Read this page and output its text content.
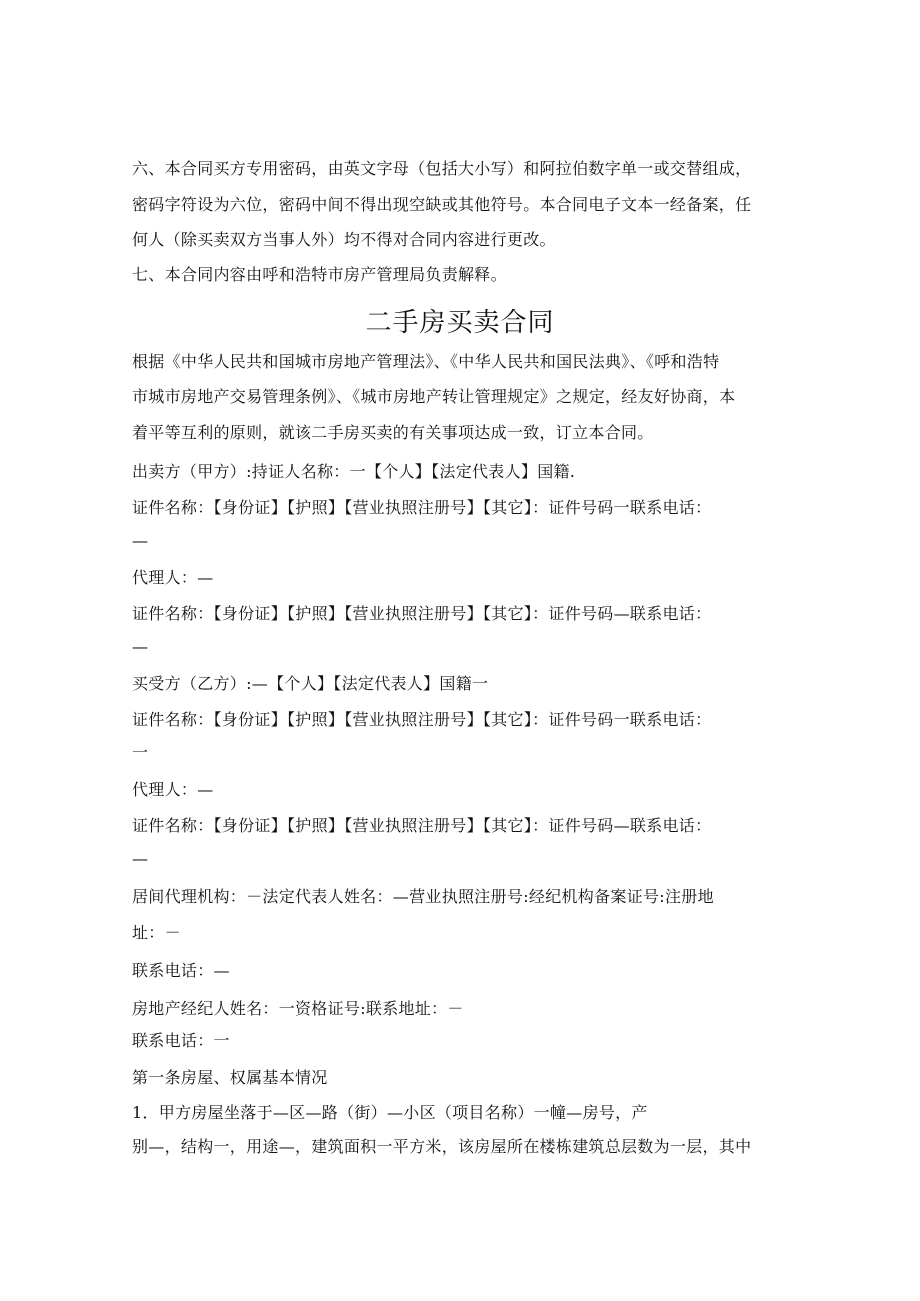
六、本合同买方专用密码，由英文字母（包括大小写）和阿拉伯数字单一或交替组成，
密码字符设为六位，密码中间不得出现空缺或其他符号。本合同电子文本一经备案，任
何人（除买卖双方当事人外）均不得对合同内容进行更改。
七、本合同内容由呼和浩特市房产管理局负责解释。
二手房买卖合同
根据《中华人民共和国城市房地产管理法》、《中华人民共和国民法典》、《呼和浩特
市城市房地产交易管理条例》、《城市房地产转让管理规定》之规定，经友好协商，本
着平等互利的原则，就该二手房买卖的有关事项达成一致，订立本合同。
出卖方（甲方）:持证人名称：一【个人】【法定代表人】国籍.
证件名称：【身份证】【护照】【营业执照注册号】【其它】：证件号码一联系电话：
—
代理人：—
证件名称：【身份证】【护照】【营业执照注册号】【其它】：证件号码—联系电话：
—
买受方（乙方）:—【个人】【法定代表人】国籍一
证件名称：【身份证】【护照】【营业执照注册号】【其它】：证件号码一联系电话：
一
代理人：—
证件名称：【身份证】【护照】【营业执照注册号】【其它】：证件号码—联系电话：
—
居间代理机构：－法定代表人姓名：—营业执照注册号:经纪机构备案证号:注册地
址：－
联系电话：—
房地产经纪人姓名：一资格证号:联系地址：－
联系电话：一
第一条房屋、权属基本情况
1．甲方房屋坐落于—区—路（街）—小区（项目名称）一幢—房号，产
别—，结构一，用途—，建筑面积一平方米，该房屋所在楼栋建筑总层数为一层，其中
